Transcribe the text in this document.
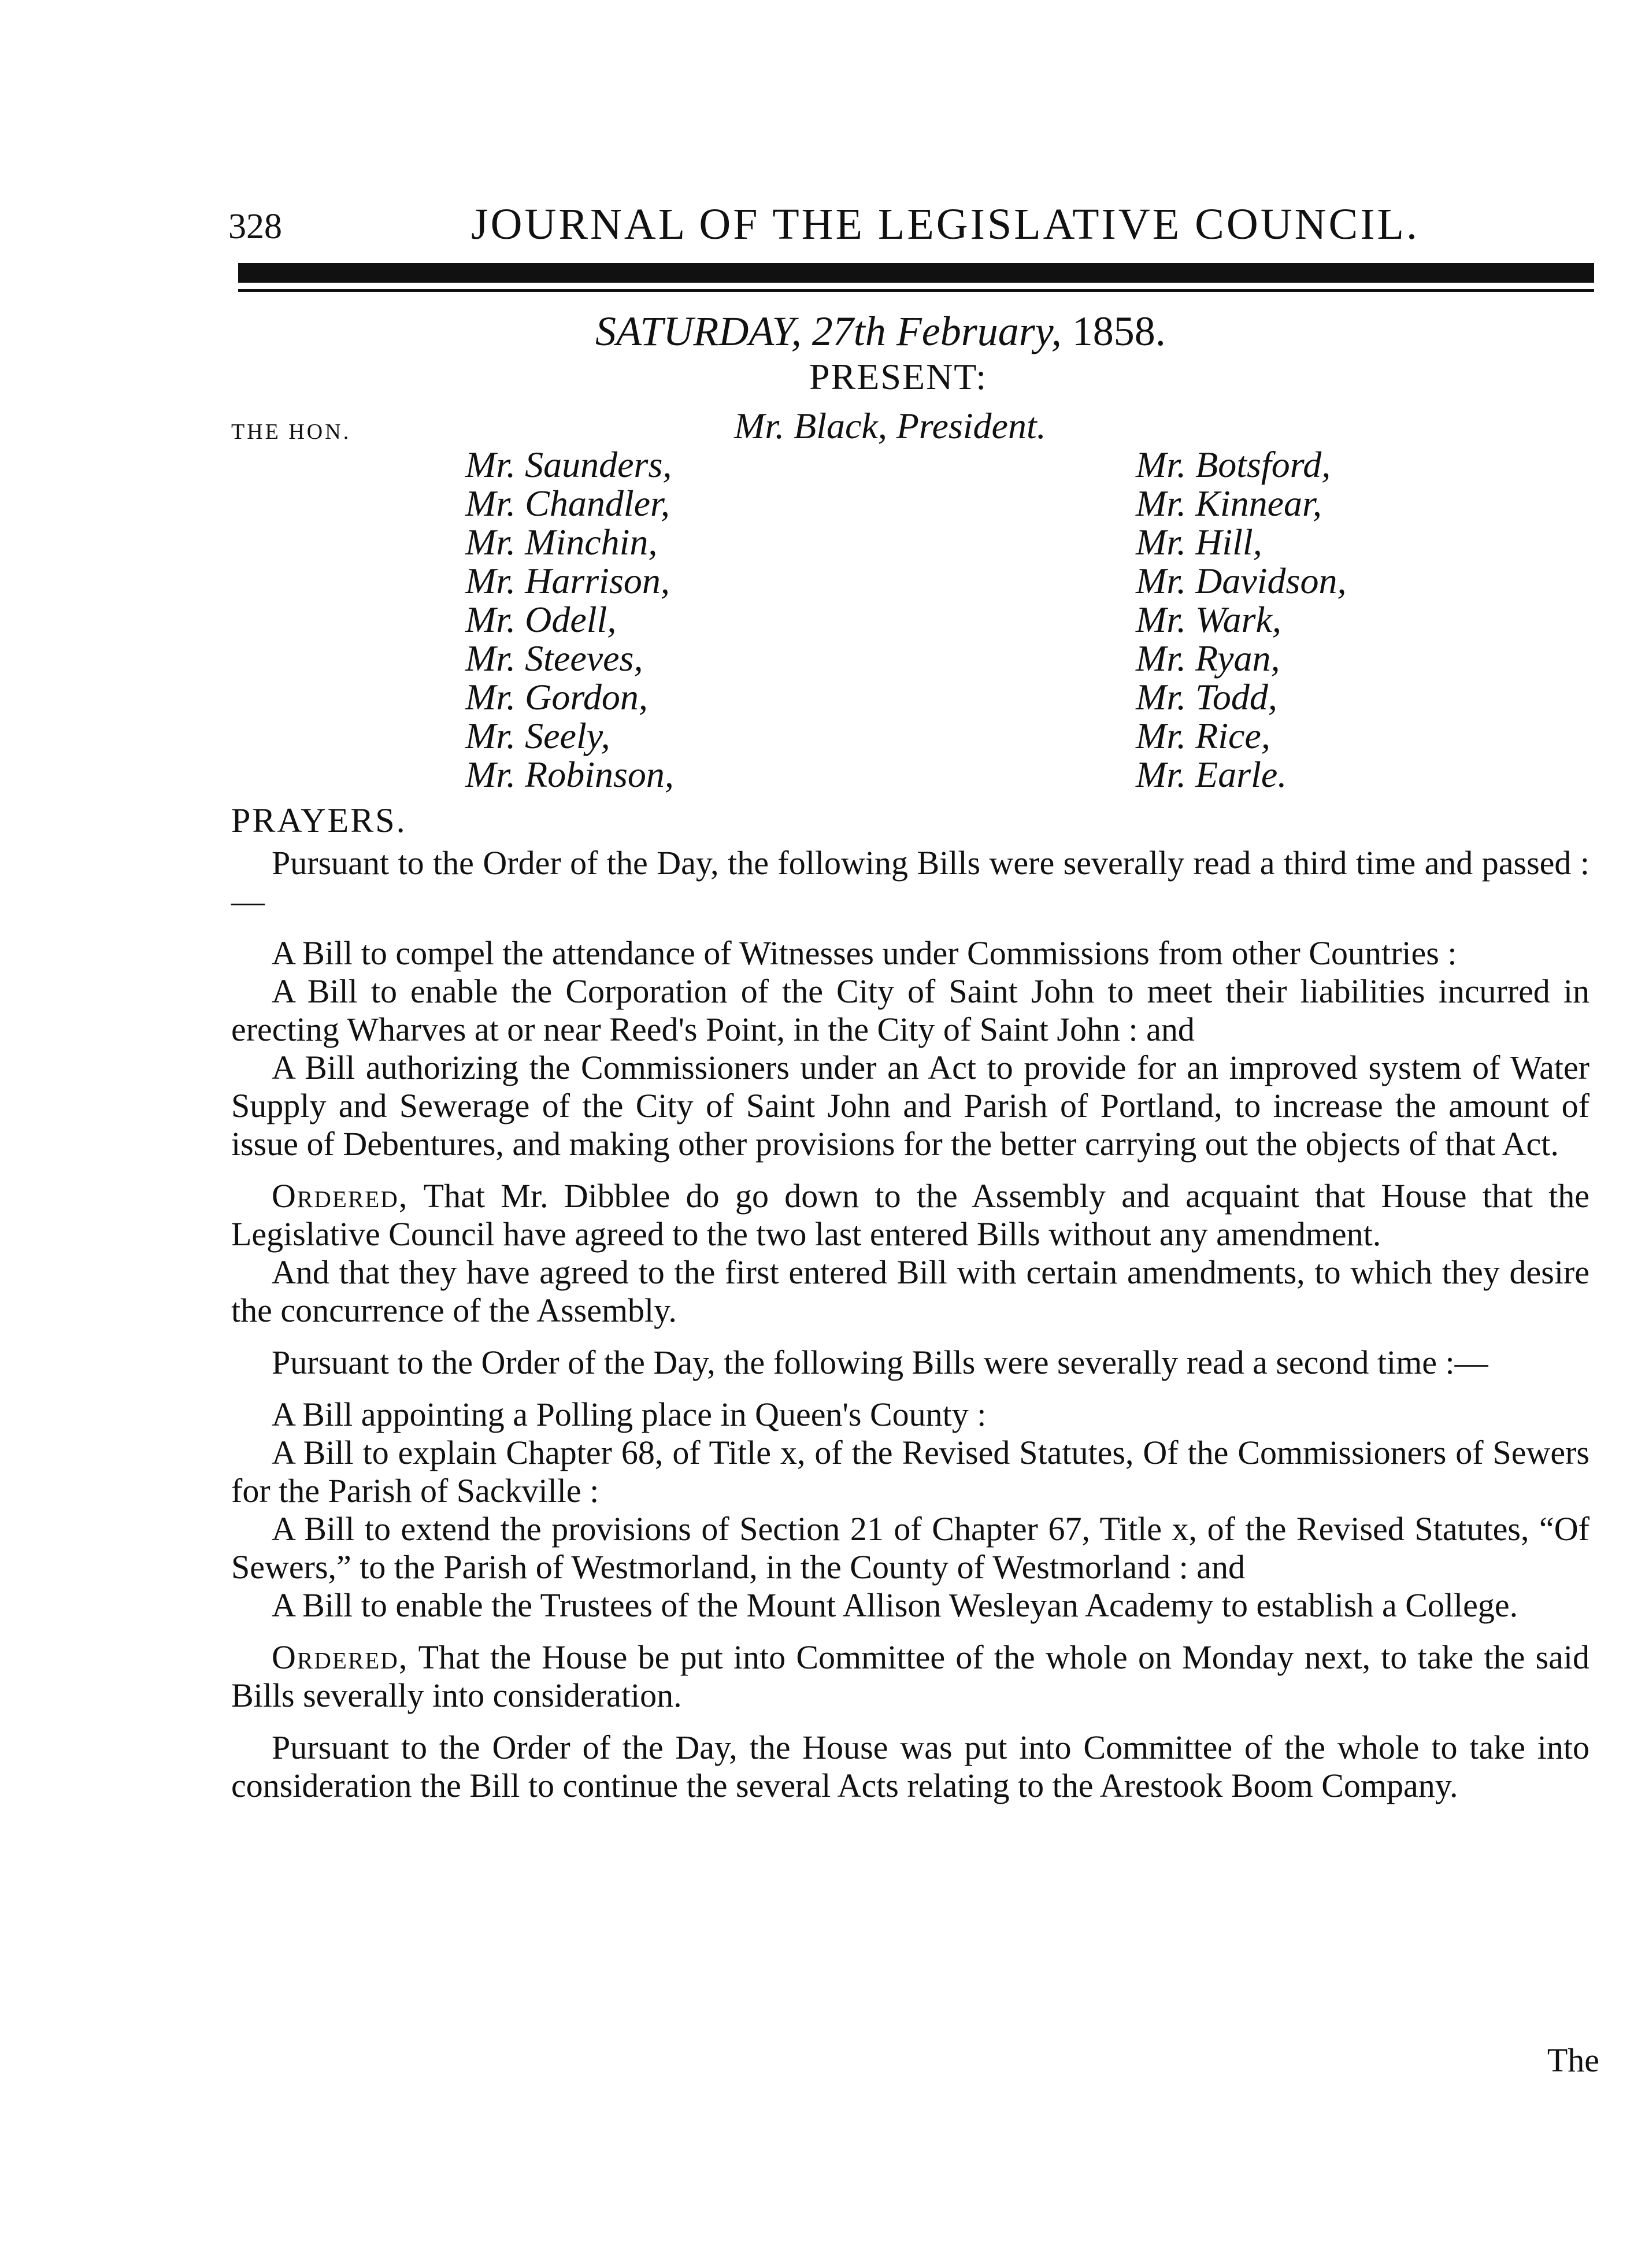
328	JOURNAL OF THE LEGISLATIVE COUNCIL.
SATURDAY, 27th February, 1858.
PRESENT:
THE HON.	Mr. Black, President.
Mr. Saunders,
Mr. Chandler,
Mr. Minchin,
Mr. Harrison,
Mr. Odell,
Mr. Steeves,
Mr. Gordon,
Mr. Seely,
Mr. Robinson,
Mr. Botsford,
Mr. Kinnear,
Mr. Hill,
Mr. Davidson,
Mr. Wark,
Mr. Ryan,
Mr. Todd,
Mr. Rice,
Mr. Earle.
PRAYERS.

Pursuant to the Order of the Day, the following Bills were severally read a third time and passed :—

A Bill to compel the attendance of Witnesses under Commissions from other Countries :

A Bill to enable the Corporation of the City of Saint John to meet their liabilities incurred in erecting Wharves at or near Reed's Point, in the City of Saint John : and

A Bill authorizing the Commissioners under an Act to provide for an improved system of Water Supply and Sewerage of the City of Saint John and Parish of Portland, to increase the amount of issue of Debentures, and making other provisions for the better carrying out the objects of that Act.

Ordered, That Mr. Dibblee do go down to the Assembly and acquaint that House that the Legislative Council have agreed to the two last entered Bills without any amendment.

And that they have agreed to the first entered Bill with certain amendments, to which they desire the concurrence of the Assembly.

Pursuant to the Order of the Day, the following Bills were severally read a second time :—

A Bill appointing a Polling place in Queen's County :

A Bill to explain Chapter 68, of Title x, of the Revised Statutes, Of the Commissioners of Sewers for the Parish of Sackville :

A Bill to extend the provisions of Section 21 of Chapter 67, Title x, of the Revised Statutes, “Of Sewers,” to the Parish of Westmorland, in the County of Westmorland : and

A Bill to enable the Trustees of the Mount Allison Wesleyan Academy to establish a College.

Ordered, That the House be put into Committee of the whole on Monday next, to take the said Bills severally into consideration.

Pursuant to the Order of the Day, the House was put into Committee of the whole to take into consideration the Bill to continue the several Acts relating to the Arestook Boom Company.

The
